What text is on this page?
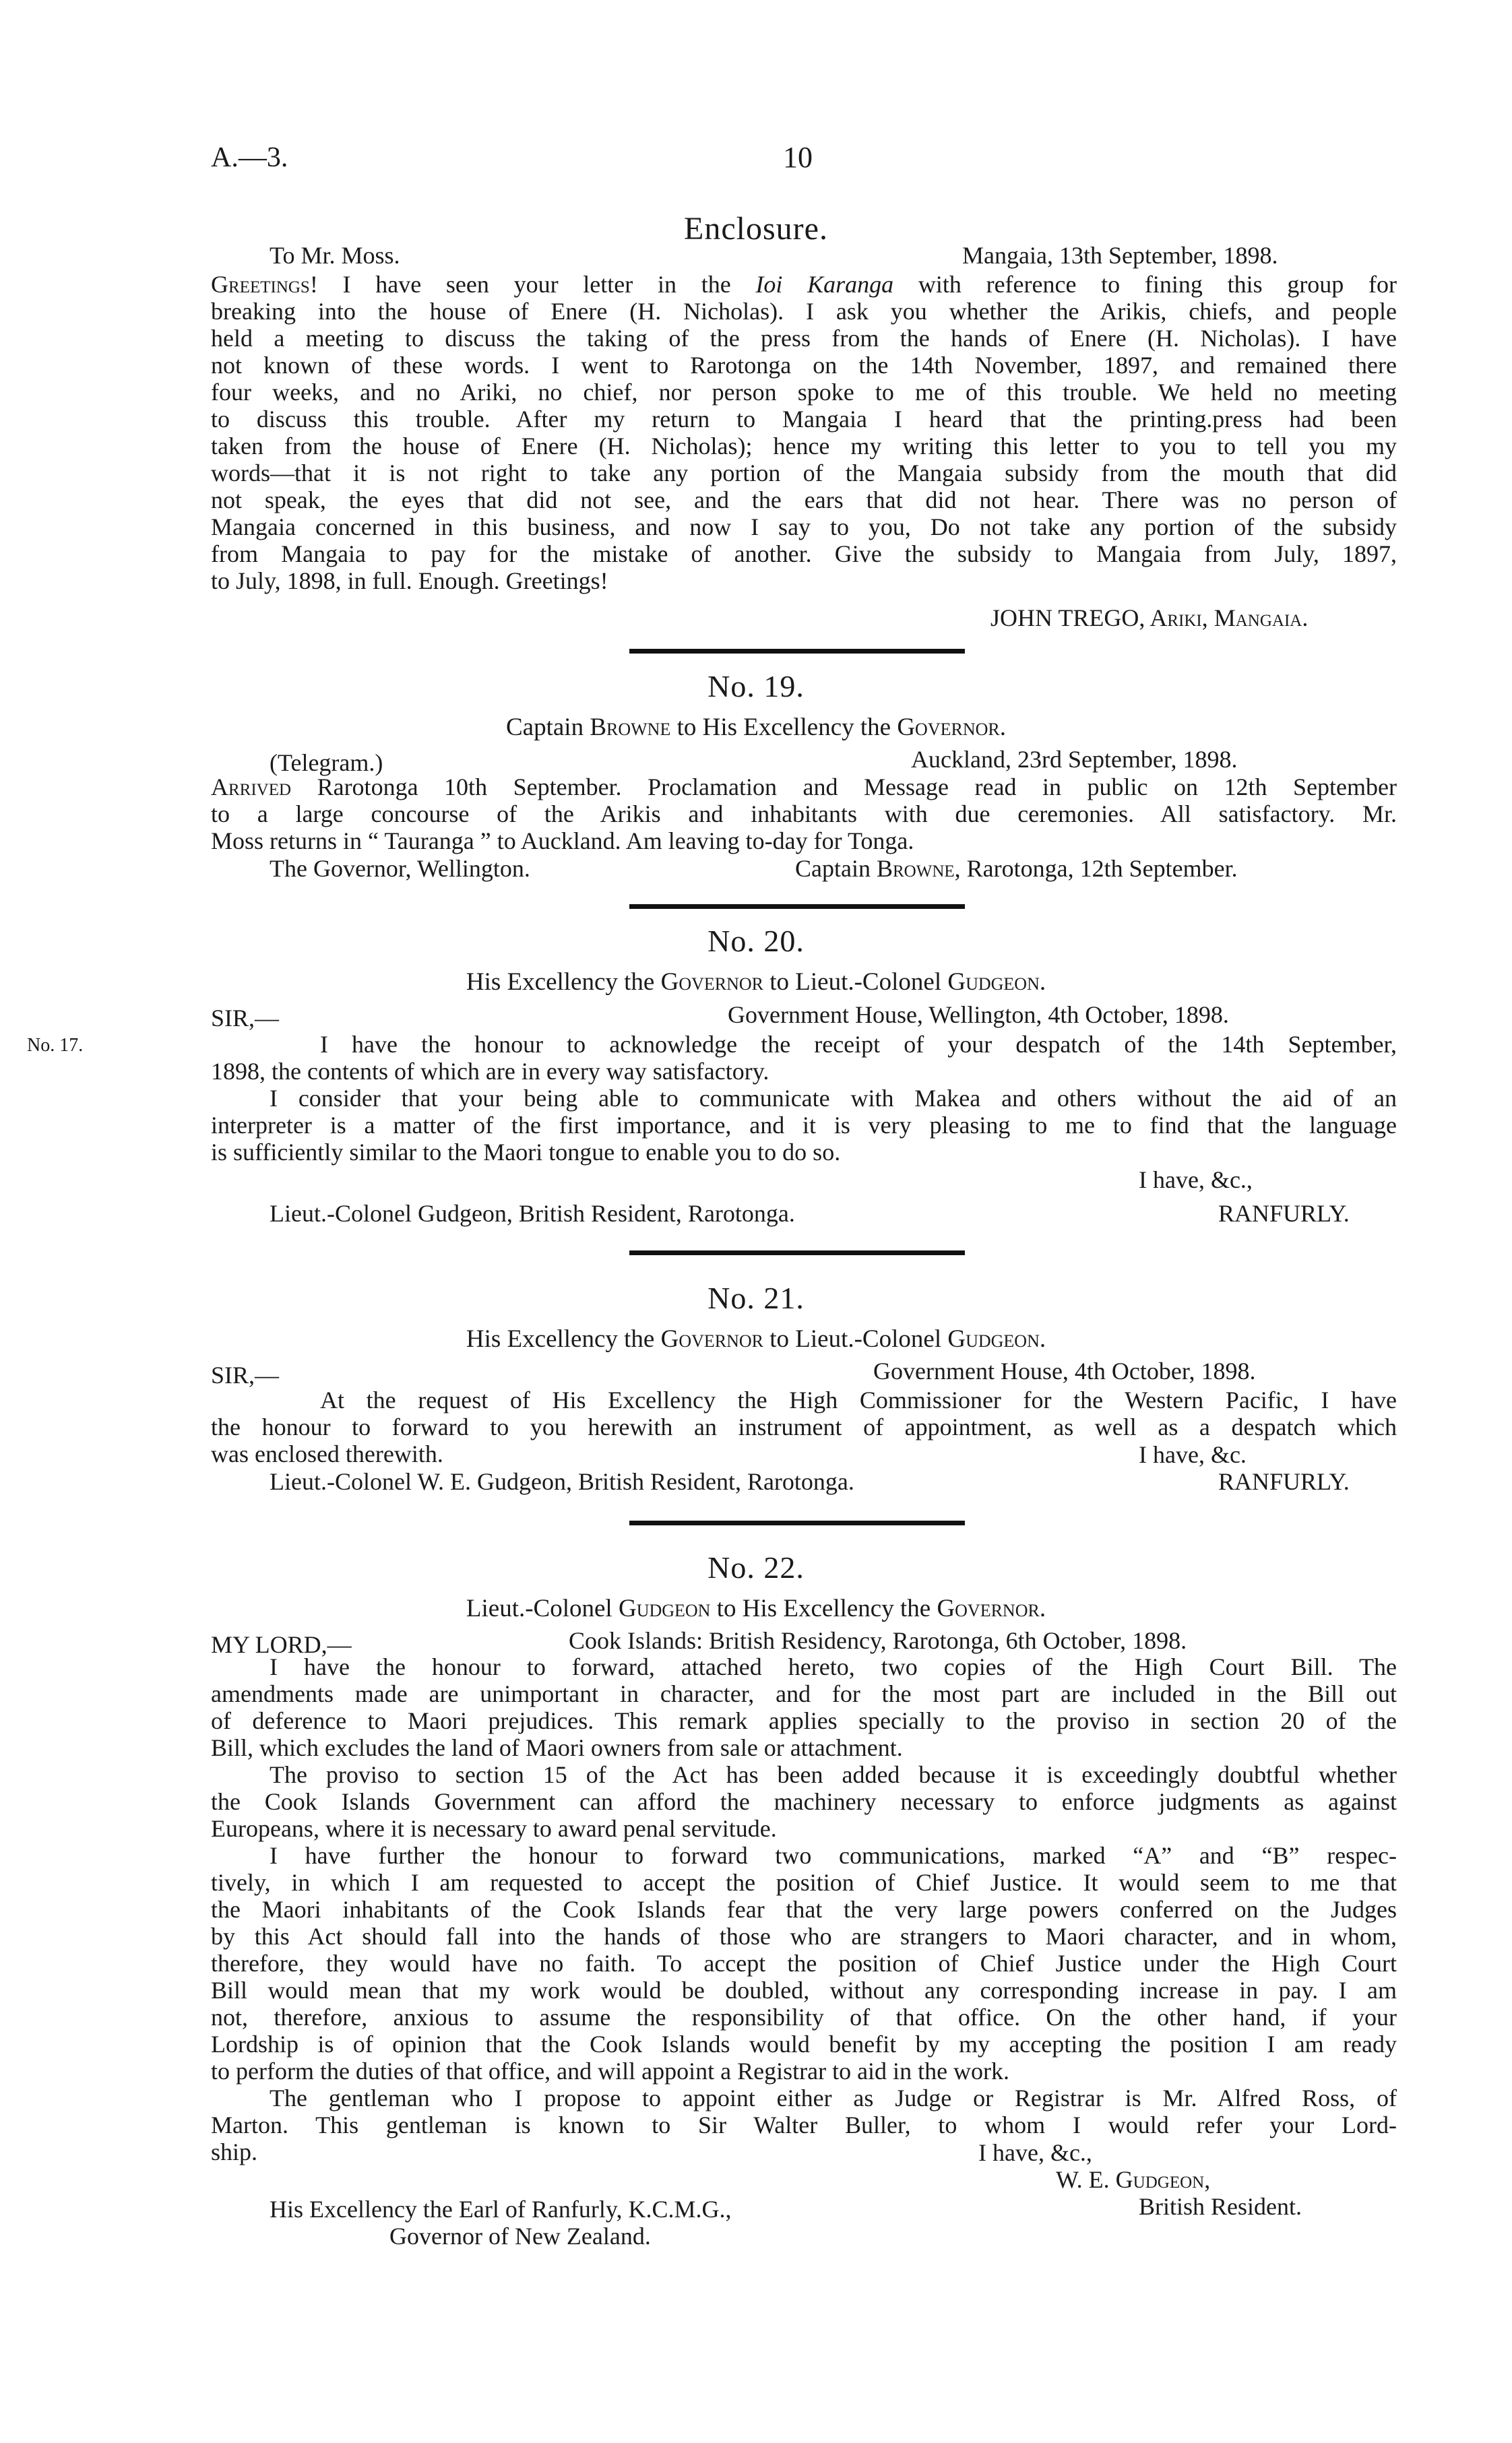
A.—3.	10
Enclosure.
To Mr. Moss.	Mangaia, 13th September, 1898.
Greetings! I have seen your letter in the Ioi Karanga with reference to fining this group for
breaking into the house of Enere (H. Nicholas). I ask you whether the Arikis, chiefs, and people
held a meeting to discuss the taking of the press from the hands of Enere (H. Nicholas). I have
not known of these words. I went to Rarotonga on the 14th November, 1897, and remained there
four weeks, and no Ariki, no chief, nor person spoke to me of this trouble. We held no meeting
to discuss this trouble. After my return to Mangaia I heard that the printing.press had been
taken from the house of Enere (H. Nicholas); hence my writing this letter to you to tell you my
words—that it is not right to take any portion of the Mangaia subsidy from the mouth that did
not speak, the eyes that did not see, and the ears that did not hear. There was no person of
Mangaia concerned in this business, and now I say to you, Do not take any portion of the subsidy
from Mangaia to pay for the mistake of another. Give the subsidy to Mangaia from July, 1897,
to July, 1898, in full. Enough. Greetings!
JOHN TREGO, Ariki, Mangaia.
No. 19.
Captain Browne to His Excellency the Governor.
(Telegram.)	Auckland, 23rd September, 1898.
Arrived Rarotonga 10th September. Proclamation and Message read in public on 12th September
to a large concourse of the Arikis and inhabitants with due ceremonies. All satisfactory. Mr.
Moss returns in “ Tauranga ” to Auckland. Am leaving to-day for Tonga.
The Governor, Wellington.	Captain Browne, Rarotonga, 12th September.
No. 20.
His Excellency the Governor to Lieut.-Colonel Gudgeon.
SIR,—	Government House, Wellington, 4th October, 1898.
No. 17.	I have the honour to acknowledge the receipt of your despatch of the 14th September,
1898, the contents of which are in every way satisfactory.
I consider that your being able to communicate with Makea and others without the aid of an
interpreter is a matter of the first importance, and it is very pleasing to me to find that the language
is sufficiently similar to the Maori tongue to enable you to do so.
I have, &c.,
Lieut.-Colonel Gudgeon, British Resident, Rarotonga.	RANFURLY.
No. 21.
His Excellency the Governor to Lieut.-Colonel Gudgeon.
SIR,—	Government House, 4th October, 1898.
At the request of His Excellency the High Commissioner for the Western Pacific, I have
the honour to forward to you herewith an instrument of appointment, as well as a despatch which
was enclosed therewith.	I have, &c.
Lieut.-Colonel W. E. Gudgeon, British Resident, Rarotonga.	RANFURLY.
No. 22.
Lieut.-Colonel Gudgeon to His Excellency the Governor.
MY LORD,—	Cook Islands: British Residency, Rarotonga, 6th October, 1898.
I have the honour to forward, attached hereto, two copies of the High Court Bill. The
amendments made are unimportant in character, and for the most part are included in the Bill out
of deference to Maori prejudices. This remark applies specially to the proviso in section 20 of the
Bill, which excludes the land of Maori owners from sale or attachment.
The proviso to section 15 of the Act has been added because it is exceedingly doubtful whether
the Cook Islands Government can afford the machinery necessary to enforce judgments as against
Europeans, where it is necessary to award penal servitude.
I have further the honour to forward two communications, marked “A” and “B” respec-
tively, in which I am requested to accept the position of Chief Justice. It would seem to me that
the Maori inhabitants of the Cook Islands fear that the very large powers conferred on the Judges
by this Act should fall into the hands of those who are strangers to Maori character, and in whom,
therefore, they would have no faith. To accept the position of Chief Justice under the High Court
Bill would mean that my work would be doubled, without any corresponding increase in pay. I am
not, therefore, anxious to assume the responsibility of that office. On the other hand, if your
Lordship is of opinion that the Cook Islands would benefit by my accepting the position I am ready
to perform the duties of that office, and will appoint a Registrar to aid in the work.
The gentleman who I propose to appoint either as Judge or Registrar is Mr. Alfred Ross, of
Marton. This gentleman is known to Sir Walter Buller, to whom I would refer your Lord-
ship.	I have, &c.,
W. E. Gudgeon,
British Resident.
His Excellency the Earl of Ranfurly, K.C.M.G.,
Governor of New Zealand.
